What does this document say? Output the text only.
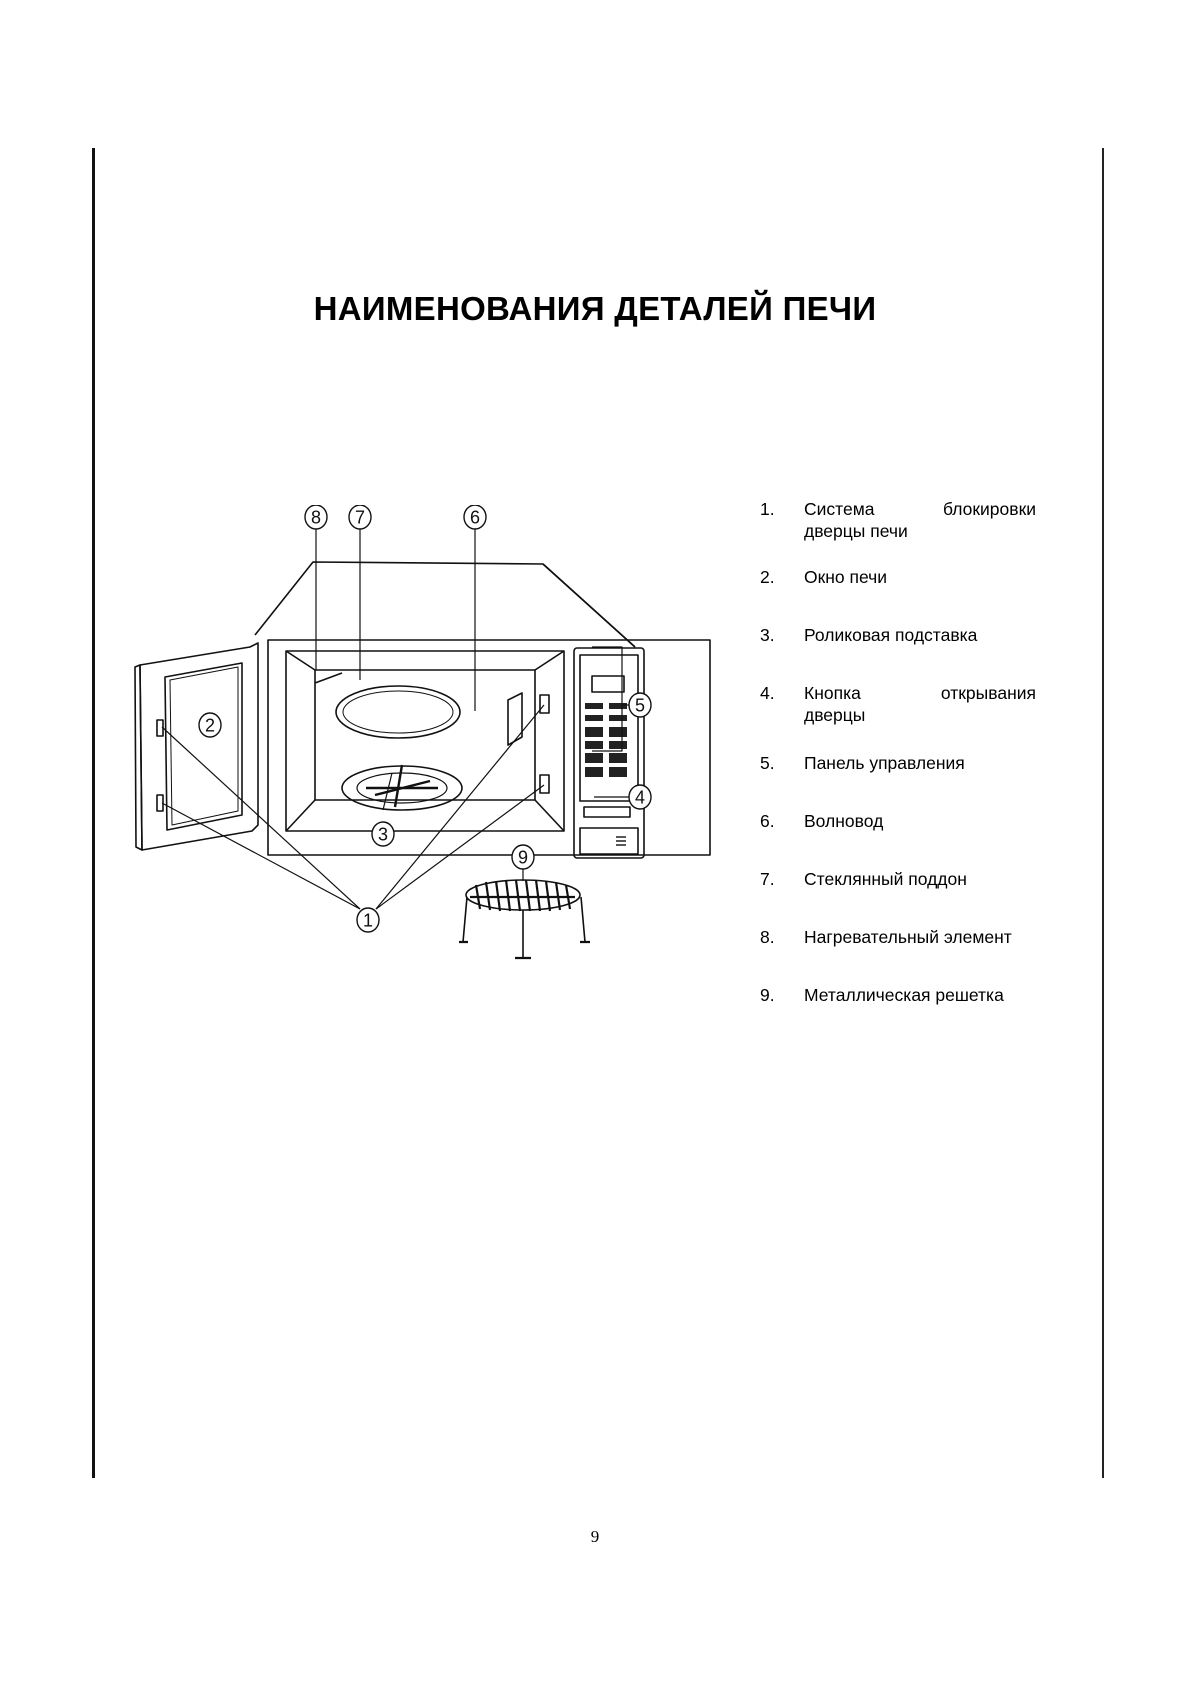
НАИМЕНОВАНИЯ ДЕТАЛЕЙ ПЕЧИ
1
2
3
4
5
6
7
8
9
1.	Система блокировки
дверцы печи
2.	Окно печи
3.	Роликовая подставка
4.	Кнопка открывания
дверцы
5.	Панель управления
6.	Волновод
7.	Стеклянный поддон
8.	Нагревательный элемент
9.	Металлическая решетка
9
